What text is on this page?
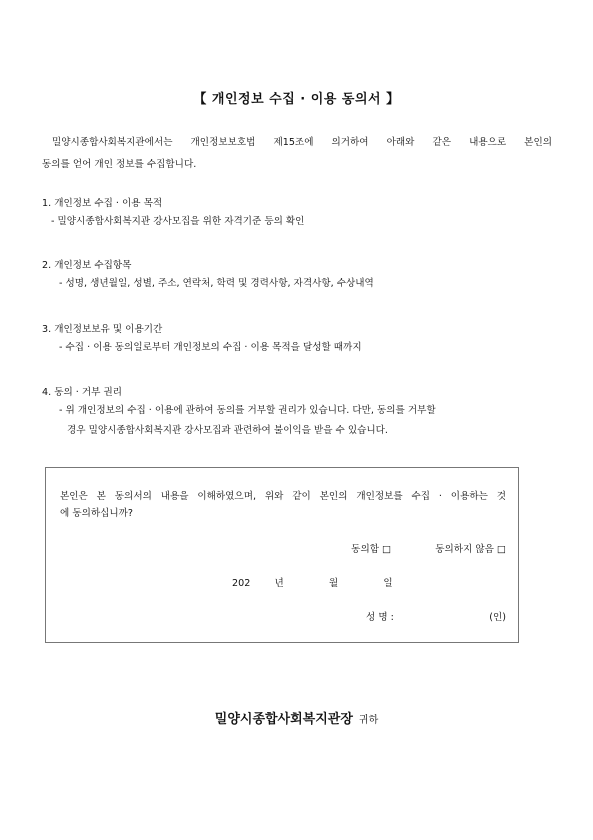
【 개인정보 수집 · 이용 동의서 】
밀양시종합사회복지관에서는 개인정보보호법 제15조에 의거하여 아래와 같은 내용으로 본인의
동의를 얻어 개인 정보를 수집합니다.
1. 개인정보 수집 · 이용 목적
- 밀양시종합사회복지관 강사모집을 위한 자격기준 등의 확인
2. 개인정보 수집항목
- 성명, 생년월일, 성별, 주소, 연락처, 학력 및 경력사항, 자격사항, 수상내역
3. 개인정보보유 및 이용기간
- 수집 · 이용 동의일로부터 개인정보의 수집 · 이용 목적을 달성할 때까지
4. 동의 · 거부 권리
- 위 개인정보의 수집 · 이용에 관하여 동의를 거부할 권리가 있습니다. 다만, 동의를 거부할
경우 밀양시종합사회복지관 강사모집과 관련하여 불이익을 받을 수 있습니다.
본인은 본 동의서의 내용을 이해하였으며, 위와 같이 본인의 개인정보를 수집 · 이용하는 것
에 동의하십니까?
동의함 □	동의하지 않음 □
202	년	월	일
성 명 :	(인)
밀양시종합사회복지관장 귀하
